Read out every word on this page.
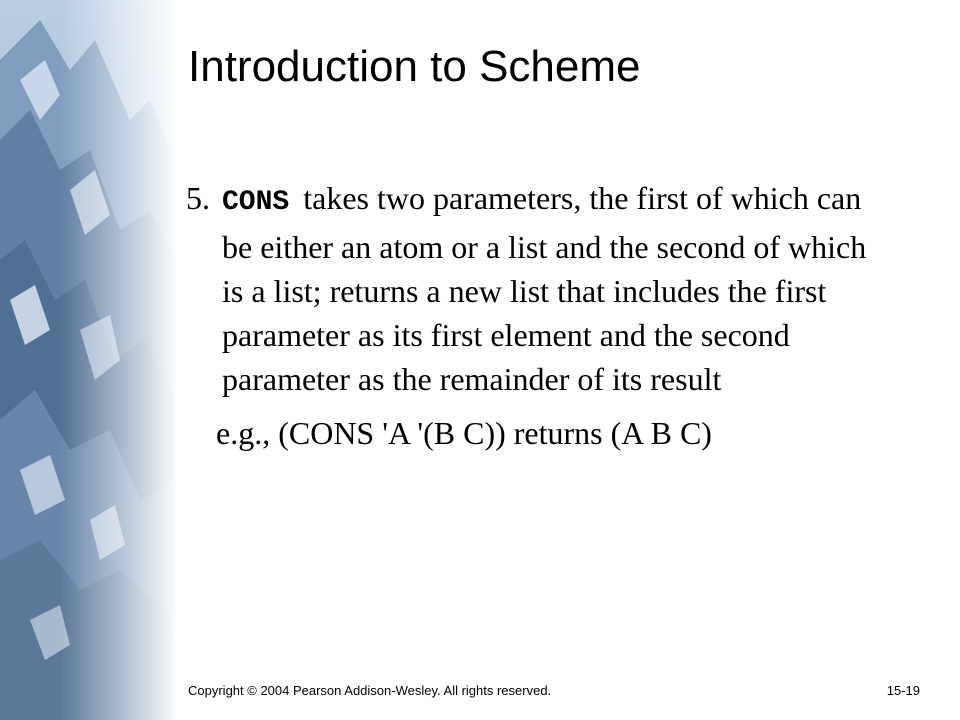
Introduction to Scheme

5. CONS takes two parameters, the first of which can be either an atom or a list and the second of which is a list; returns a new list that includes the first parameter as its first element and the second parameter as the remainder of its result

e.g., (CONS 'A '(B C)) returns (A B C)

Copyright © 2004 Pearson Addison-Wesley. All rights reserved.	15-19
